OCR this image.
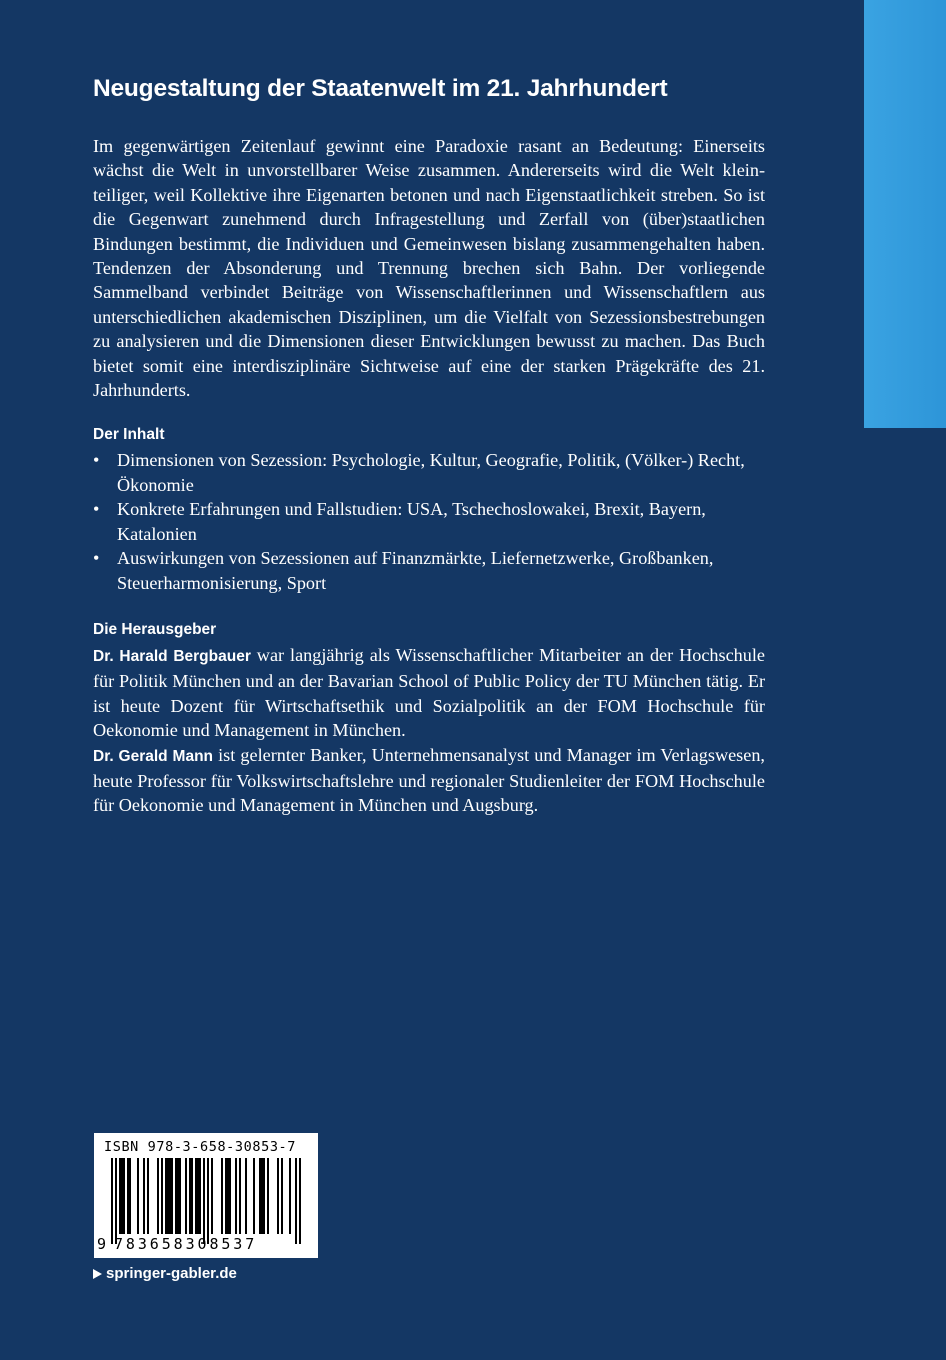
Neugestaltung der Staatenwelt im 21. Jahrhundert

Im gegenwärtigen Zeitenlauf gewinnt eine Paradoxie rasant an Bedeutung: Einerseits wächst die Welt in unvorstellbarer Weise zusammen. Andererseits wird die Welt kleinteiliger, weil Kollektive ihre Eigenarten betonen und nach Eigenstaatlichkeit streben. So ist die Gegenwart zunehmend durch Infragestellung und Zerfall von (über)staatlichen Bindungen bestimmt, die Individuen und Gemeinwesen bislang zusammengehalten haben. Tendenzen der Absonderung und Trennung brechen sich Bahn. Der vorliegende Sammelband verbindet Beiträge von Wissenschaftlerinnen und Wissenschaftlern aus unterschiedlichen akademischen Disziplinen, um die Vielfalt von Sezessionsbestrebungen zu analysieren und die Dimensionen dieser Entwicklungen bewusst zu machen. Das Buch bietet somit eine interdisziplinäre Sichtweise auf eine der starken Prägekräfte des 21. Jahrhunderts.

Der Inhalt
• Dimensionen von Sezession: Psychologie, Kultur, Geografie, Politik, (Völker-) Recht, Ökonomie
• Konkrete Erfahrungen und Fallstudien: USA, Tschechoslowakei, Brexit, Bayern, Katalonien
• Auswirkungen von Sezessionen auf Finanzmärkte, Liefernetzwerke, Großbanken, Steuerharmonisierung, Sport
Die Herausgeber

Dr. Harald Bergbauer war langjährig als Wissenschaftlicher Mitarbeiter an der Hochschule für Politik München und an der Bavarian School of Public Policy der TU München tätig. Er ist heute Dozent für Wirtschaftsethik und Sozialpolitik an der FOM Hochschule für Oekonomie und Management in München.

Dr. Gerald Mann ist gelernter Banker, Unternehmensanalyst und Manager im Verlagswesen, heute Professor für Volkswirtschaftslehre und regionaler Studienleiter der FOM Hochschule für Oekonomie und Management in München und Augsburg.

ISBN 978-3-658-30853-7
9 783658308537
springer-gabler.de
